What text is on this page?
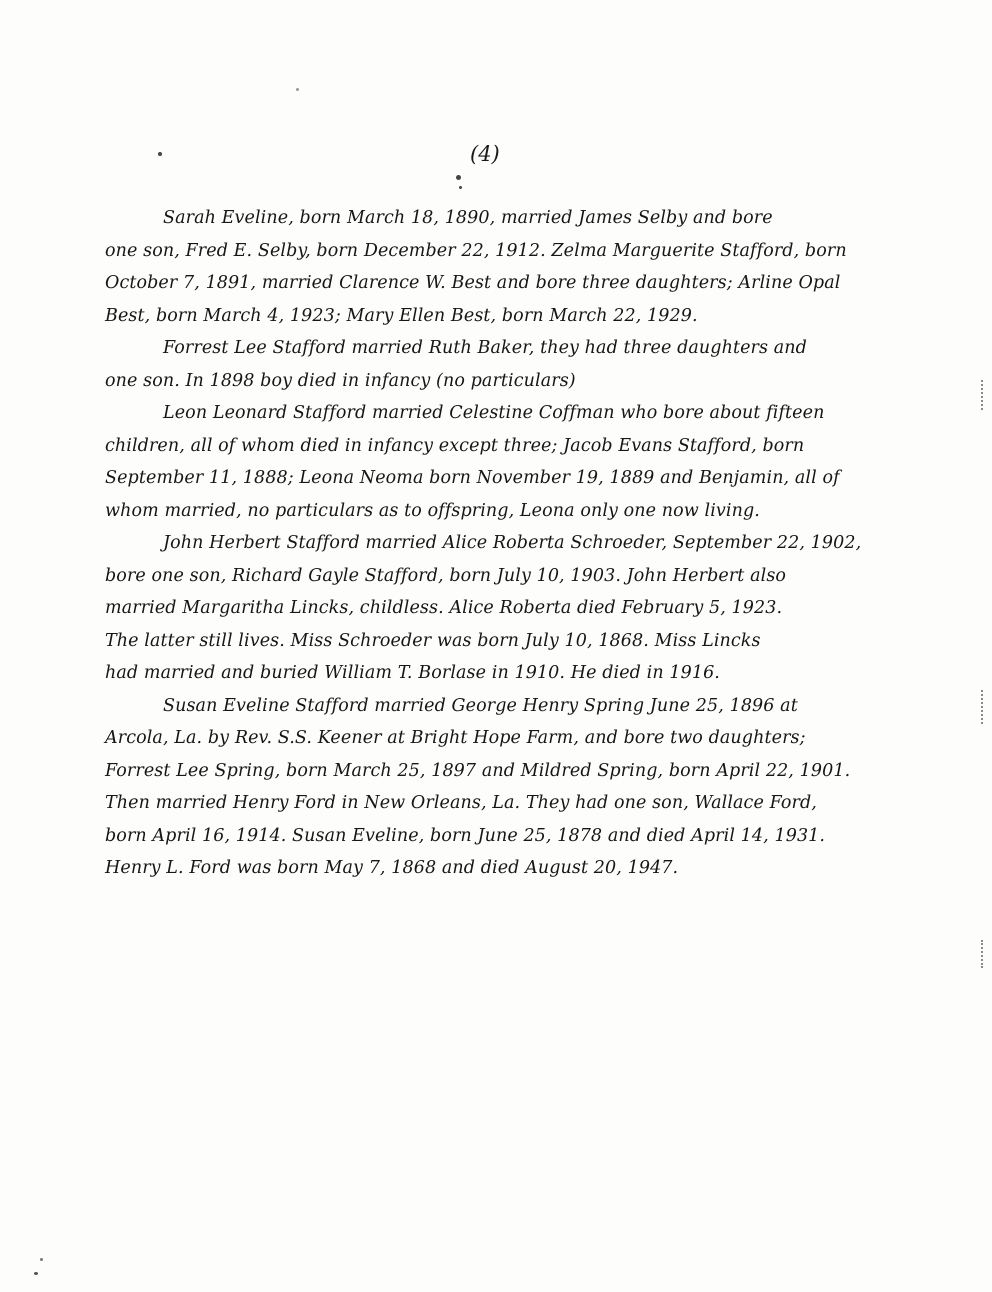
(4)
Sarah Eveline, born March 18, 1890, married James Selby and bore
one son, Fred E. Selby, born December 22, 1912. Zelma Marguerite Stafford, born
October 7, 1891, married Clarence W. Best and bore three daughters; Arline Opal
Best, born March 4, 1923; Mary Ellen Best, born March 22, 1929.
Forrest Lee Stafford married Ruth Baker, they had three daughters and
one son. In 1898 boy died in infancy (no particulars)
Leon Leonard Stafford married Celestine Coffman who bore about fifteen
children, all of whom died in infancy except three; Jacob Evans Stafford, born
September 11, 1888; Leona Neoma born November 19, 1889 and Benjamin, all of
whom married, no particulars as to offspring, Leona only one now living.
John Herbert Stafford married Alice Roberta Schroeder, September 22, 1902,
bore one son, Richard Gayle Stafford, born July 10, 1903. John Herbert also
married Margaritha Lincks, childless. Alice Roberta died February 5, 1923.
The latter still lives. Miss Schroeder was born July 10, 1868. Miss Lincks
had married and buried William T. Borlase in 1910. He died in 1916.
Susan Eveline Stafford married George Henry Spring June 25, 1896 at
Arcola, La. by Rev. S.S. Keener at Bright Hope Farm, and bore two daughters;
Forrest Lee Spring, born March 25, 1897 and Mildred Spring, born April 22, 1901.
Then married Henry Ford in New Orleans, La. They had one son, Wallace Ford,
born April 16, 1914. Susan Eveline, born June 25, 1878 and died April 14, 1931.
Henry L. Ford was born May 7, 1868 and died August 20, 1947.
